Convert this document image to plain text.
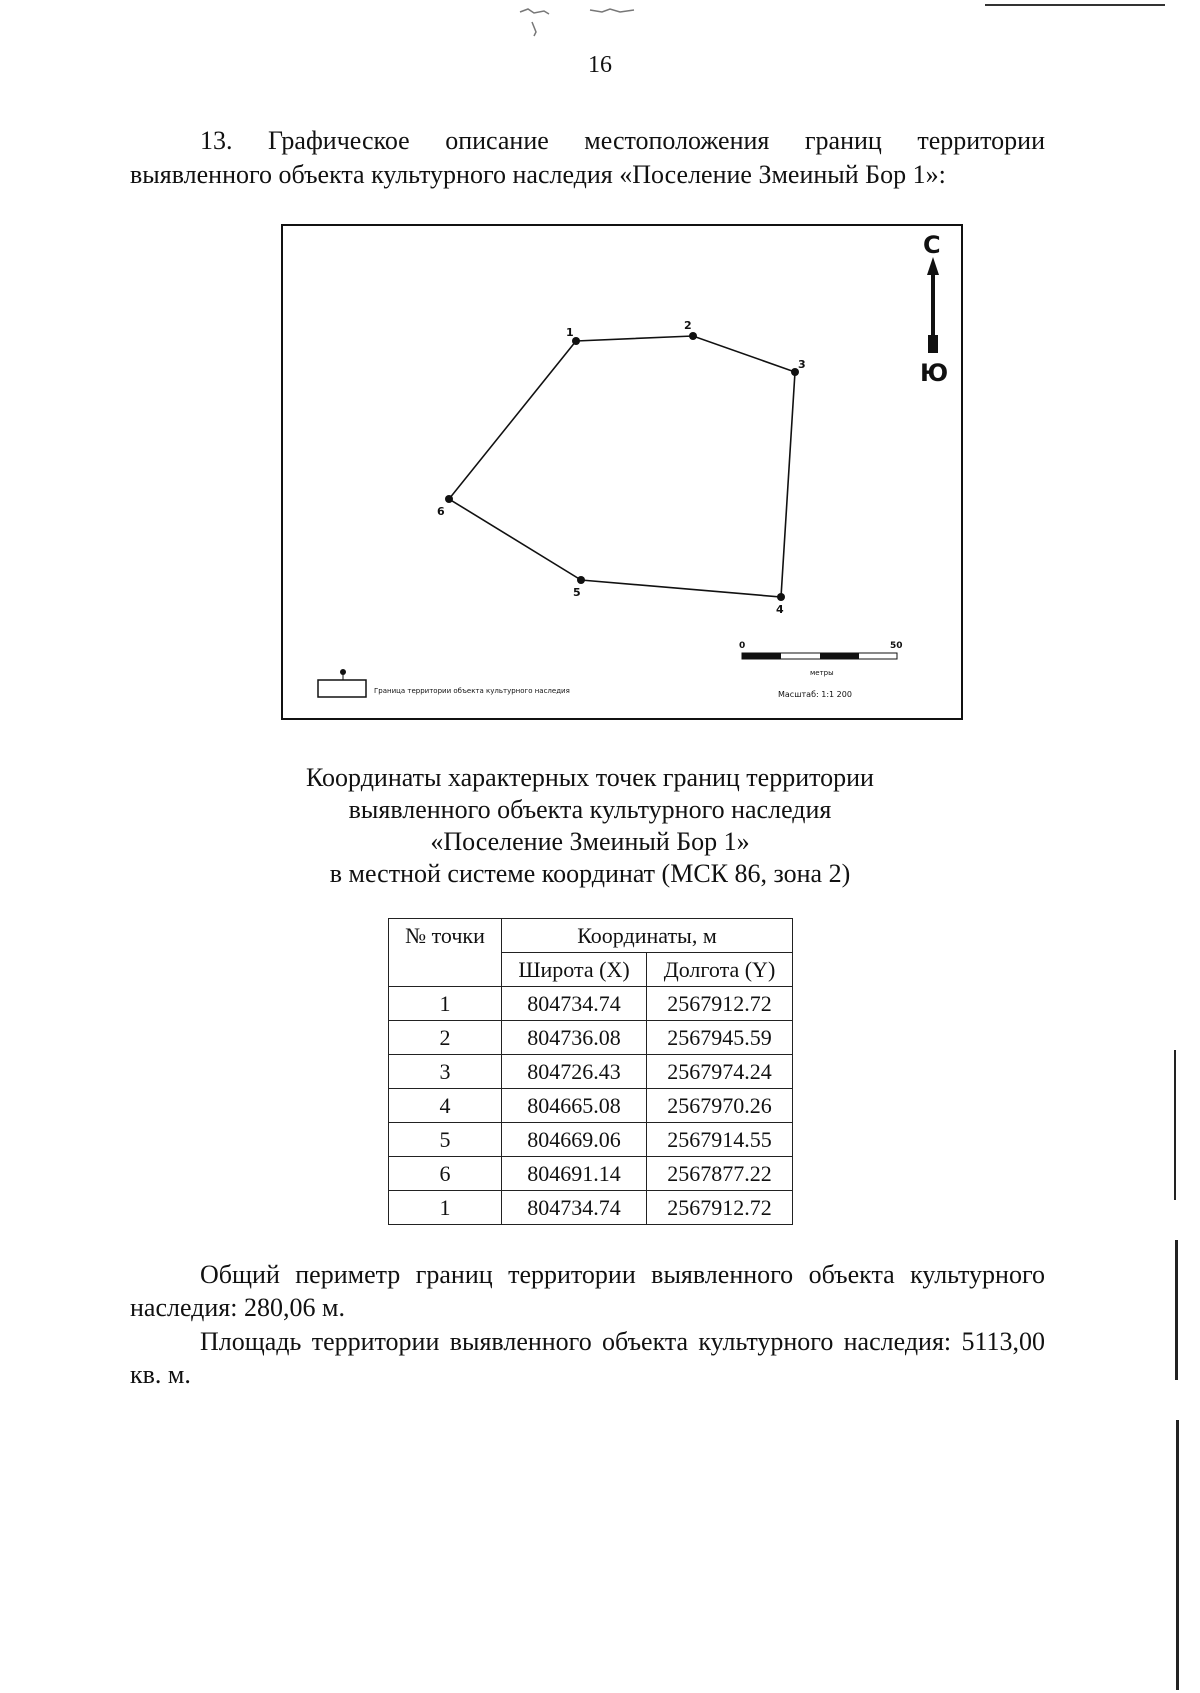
16
13. Графическое описание местоположения границ территории выявленного объекта культурного наследия «Поселение Змеиный Бор 1»:
1
2
3
4
5
6
С
Ю
Граница территории объекта культурного наследия
0	50
метры
Масштаб: 1:1 200
Координаты характерных точек границ территории
выявленного объекта культурного наследия
«Поселение Змеиный Бор 1»
в местной системе координат (МСК 86, зона 2)
№ точки	Координаты, м	
	Широта (X)	Долгота (Y)
1	804734.74	2567912.72
2	804736.08	2567945.59
3	804726.43	2567974.24
4	804665.08	2567970.26
5	804669.06	2567914.55
6	804691.14	2567877.22
1	804734.74	2567912.72
Общий периметр границ территории выявленного объекта культурного наследия: 280,06 м.
Площадь территории выявленного объекта культурного наследия: 5113,00 кв. м.
